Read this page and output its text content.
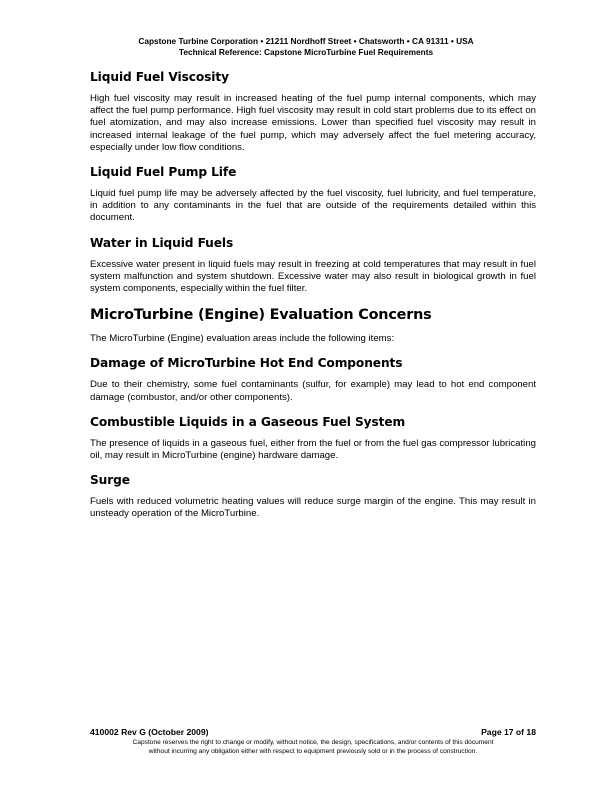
Capstone Turbine Corporation • 21211 Nordhoff Street • Chatsworth • CA 91311 • USA
Technical Reference: Capstone MicroTurbine Fuel Requirements
Liquid Fuel Viscosity

High fuel viscosity may result in increased heating of the fuel pump internal components, which may affect the fuel pump performance. High fuel viscosity may result in cold start problems due to its effect on fuel atomization, and may also increase emissions. Lower than specified fuel viscosity may result in increased internal leakage of the fuel pump, which may adversely affect the fuel metering accuracy, especially under low flow conditions.

Liquid Fuel Pump Life

Liquid fuel pump life may be adversely affected by the fuel viscosity, fuel lubricity, and fuel temperature, in addition to any contaminants in the fuel that are outside of the requirements detailed within this document.

Water in Liquid Fuels

Excessive water present in liquid fuels may result in freezing at cold temperatures that may result in fuel system malfunction and system shutdown. Excessive water may also result in biological growth in fuel system components, especially within the fuel filter.

MicroTurbine (Engine) Evaluation Concerns

The MicroTurbine (Engine) evaluation areas include the following items:

Damage of MicroTurbine Hot End Components

Due to their chemistry, some fuel contaminants (sulfur, for example) may lead to hot end component damage (combustor, and/or other components).

Combustible Liquids in a Gaseous Fuel System

The presence of liquids in a gaseous fuel, either from the fuel or from the fuel gas compressor lubricating oil, may result in MicroTurbine (engine) hardware damage.

Surge

Fuels with reduced volumetric heating values will reduce surge margin of the engine. This may result in unsteady operation of the MicroTurbine.

410002 Rev G (October 2009)	Page 17 of 18
Capstone reserves the right to change or modify, without notice, the design, specifications, and/or contents of this document
without incurring any obligation either with respect to equipment previously sold or in the process of construction.
